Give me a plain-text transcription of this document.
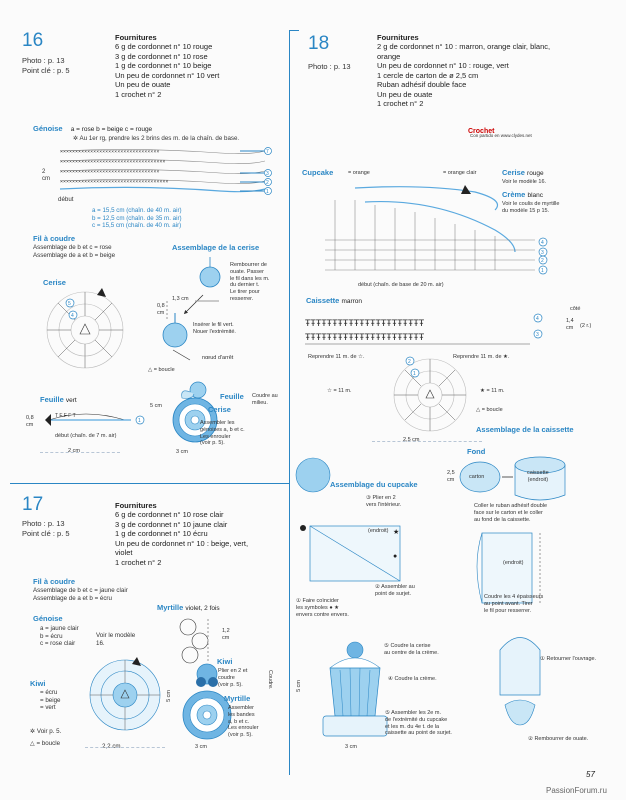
16
Photo : p. 13
Point clé : p. 5
Fournitures
6 g de cordonnet n° 10 rouge
3 g de cordonnet n° 10 rose
1 g de cordonnet n° 10 beige
Un peu de cordonnet n° 10 vert
Un peu de ouate
1 crochet n° 2
Génoise a = rose b = beige c = rouge
✲ Au 1er rg, prendre les 2 brins des m. de la chaîn. de base.
×××××××××××××××××××××××××××××××××
×××××××××××××××××××××××××××××××××××
×××××××××××××××××××××××××××××××××
××××××××××××××××××××××××××××××××××××
7
3
2
1
2
cm
début
a = 15,5 cm (chaîn. de 40 m. air)
b = 12,5 cm (chaîn. de 35 m. air)
c = 15,5 cm (chaîn. de 40 m. air)
Fil à coudre
Assemblage de b et c = rose
Assemblage de a et b = beige
Assemblage de la cerise
Cerise
5
4
Rembourrer de
ouate. Passer
le fil dans les m.
du dernier t.
Le tirer pour
resserrer.
Insérer le fil vert.
Nouer l'extrémité.
1,3 cm
0,8
cm
nœud d'arrêt
△ = boucle
Feuille vert
0,8
cm
T F F F T
1
début (chaîn. de 7 m. air)
2 cm
Feuille
Cerise
Coudre au milieu.
Assembler les
génoises a, b et c.
Les enrouler
(voir p. 5).
5 cm
3 cm
17
Photo : p. 13
Point clé : p. 5
Fournitures
6 g de cordonnet n° 10 rose clair
3 g de cordonnet n° 10 jaune clair
1 g de cordonnet n° 10 écru
Un peu de cordonnet n° 10 : beige, vert,
violet
1 crochet n° 2
Fil à coudre
Assemblage de b et c = jaune clair
Assemblage de a et b = écru
Génoise
a = jaune clair
b = écru
c = rose clair
Voir le modèle 16.
Myrtille violet, 2 fois
1,2
cm
Kiwi
= écru
= beige
= vert
✲ Voir p. 5.
△ = boucle	2,2 cm
Kiwi
Plier en 2 et
coudre
(voir p. 5).
Myrtille
Assembler
les bandes
a, b et c.
Les enrouler
(voir p. 5).
Coudre.
5 cm
3 cm
18
Photo : p. 13
Fournitures
2 g de cordonnet n° 10 : marron, orange clair, blanc,
orange
Un peu de cordonnet n° 10 : rouge, vert
1 cercle de carton de ø 2,5 cm
Ruban adhésif double face
Un peu de ouate
1 crochet n° 2
Crochet
Con partido en www.clydes.net
Cupcake	= orange	= orange clair	Cerise rouge
Voir le modèle 16.
Crème blanc
Voir le coulis de myrtille
du modèle 15 p 15.
4
3
2
1
début (chaîn. de base de 20 m. air)
Caissette marron
ŦŦŦŦŦŦŦŦŦŦŦŦŦŦŦŦŦŦŦŦŦŦ
ŦŦŦŦŦŦŦŦŦŦŦŦŦŦŦŦŦŦŦŦŦŦ
4
3
côté
1,4
cm (2 r.)
Reprendre 11 m. de ☆.	Reprendre 11 m. de ★.
2
1
☆ = 11 m.	★ = 11 m.
△ = boucle
2,5 cm
Assemblage de la caissette
Fond
carton
caissette
(endroit)
2,5
cm
Coller le ruban adhésif double
face sur le carton et le coller
au fond de la caissette.
(endroit)
Coudre les 4 épaisseurs
au point avant. Tirer
le fil pour resserrer.
① Retourner l'ouvrage.
② Rembourrer de ouate.
Assemblage du cupcake
③ Plier en 2
vers l'intérieur.
★
●
(endroit)
② Assembler au
point de surjet.
① Faire coïncider
les symboles ● ★
envers contre envers.
⑤ Coudre la cerise
au centre de la crème.
④ Coudre la crème.
⑤ Assembler les 2e m.
de l'extrémité du cupcake
et les m. du 4e t. de la
caissette au point de surjet.
5 cm
3 cm
57
PassionForum.ru
